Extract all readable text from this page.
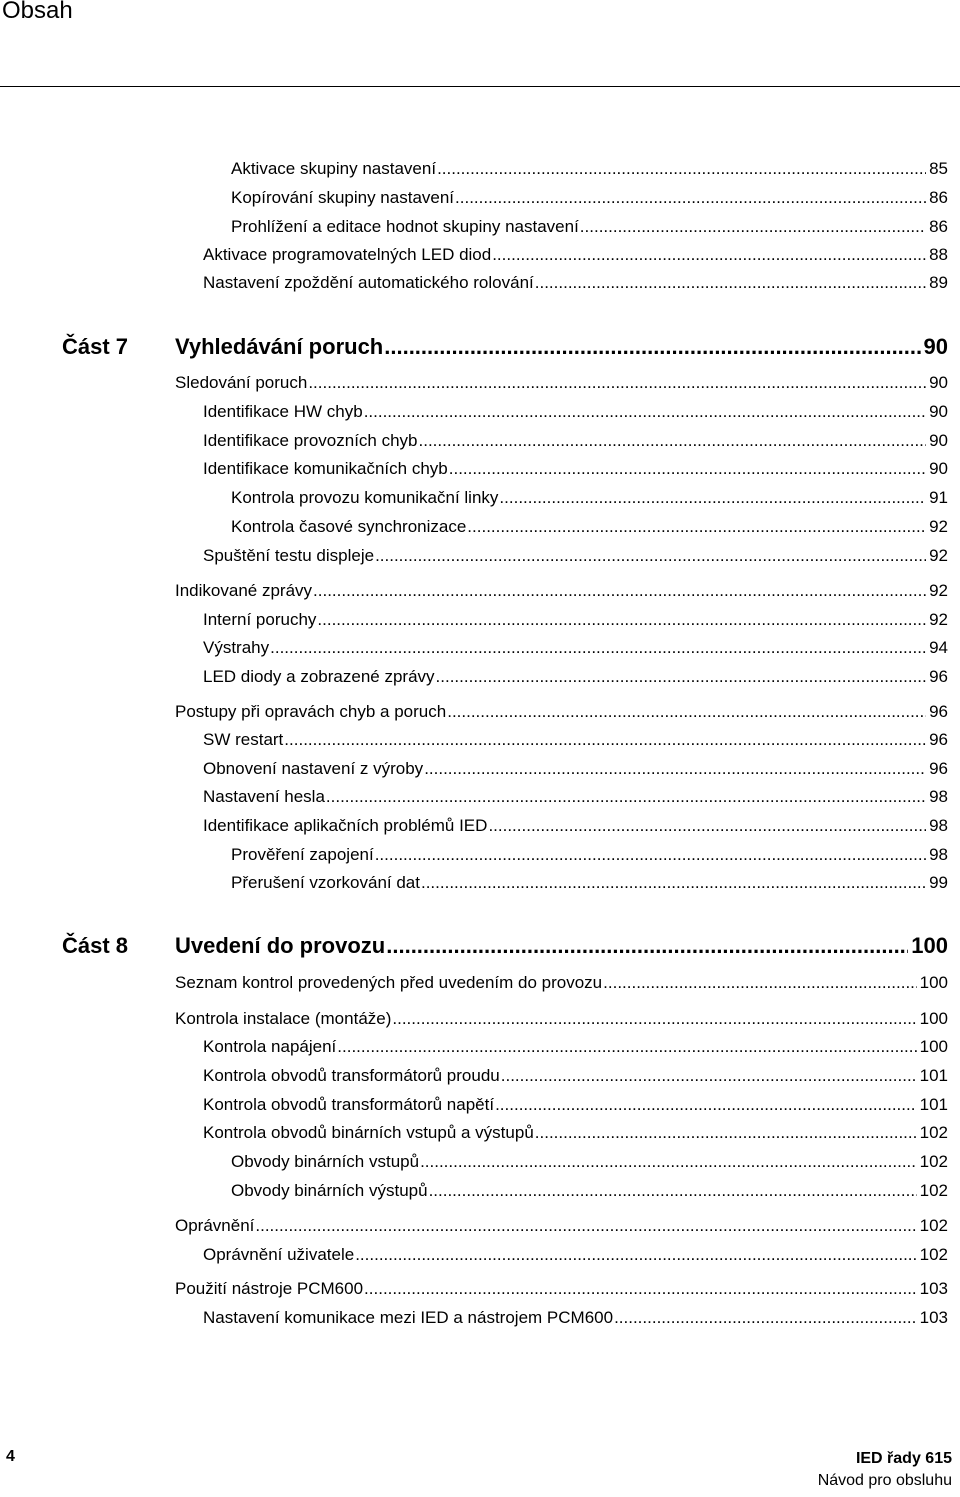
Obsah
Aktivace skupiny nastavení .....	85
Kopírování skupiny nastavení .....	86
Prohlížení a editace hodnot skupiny nastavení .....	86
Aktivace programovatelných LED diod .....	88
Nastavení zpoždění automatického rolování .....	89
Část 7 Vyhledávání poruch .....	90
Sledování poruch .....	90
Identifikace HW chyb .....	90
Identifikace provozních chyb .....	90
Identifikace komunikačních chyb .....	90
Kontrola provozu komunikační linky .....	91
Kontrola časové synchronizace .....	92
Spuštění testu displeje .....	92
Indikované zprávy .....	92
Interní poruchy .....	92
Výstrahy .....	94
LED diody a zobrazené zprávy .....	96
Postupy při opravách chyb a poruch .....	96
SW restart .....	96
Obnovení nastavení z výroby .....	96
Nastavení hesla .....	98
Identifikace aplikačních problémů IED .....	98
Prověření zapojení .....	98
Přerušení vzorkování dat .....	99
Část 8 Uvedení do provozu .....	100
Seznam kontrol provedených před uvedením do provozu .....	100
Kontrola instalace (montáže) .....	100
Kontrola napájení .....	100
Kontrola obvodů transformátorů proudu .....	101
Kontrola obvodů transformátorů napětí .....	101
Kontrola obvodů binárních vstupů a výstupů .....	102
Obvody binárních vstupů .....	102
Obvody binárních výstupů .....	102
Oprávnění .....	102
Oprávnění uživatele .....	102
Použití nástroje PCM600 .....	103
Nastavení komunikace mezi IED a nástrojem PCM600 .....	103
4	IED řady 615
Návod pro obsluhu
